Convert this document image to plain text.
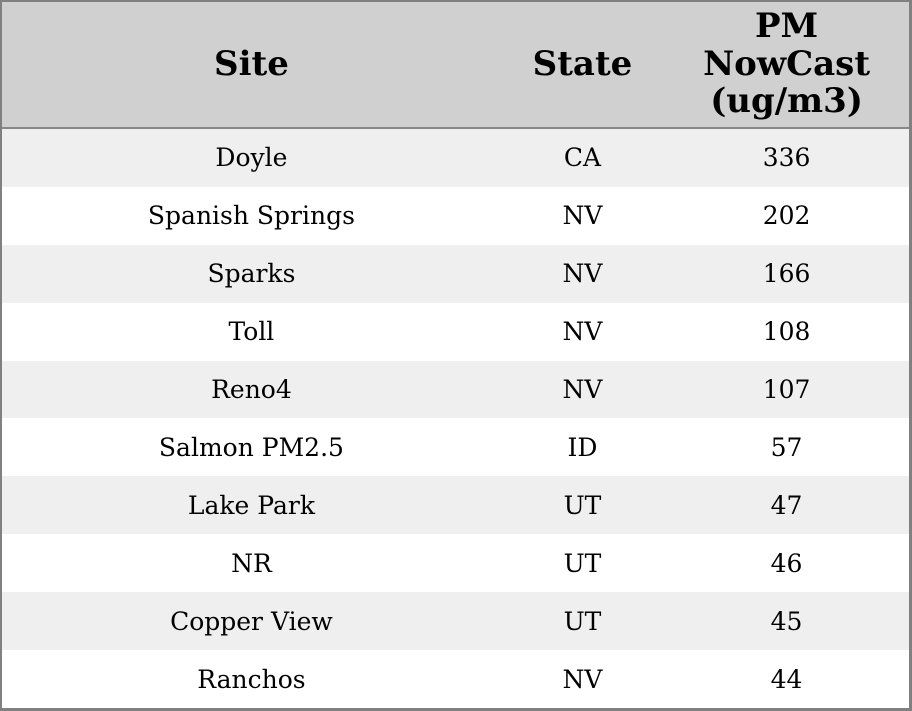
Site	State	PM NowCast (ug/m3)

Doyle	CA	336
Spanish Springs	NV	202
Sparks	NV	166
Toll	NV	108
Reno4	NV	107
Salmon PM2.5	ID	57
Lake Park	UT	47
NR	UT	46
Copper View	UT	45
Ranchos	NV	44
